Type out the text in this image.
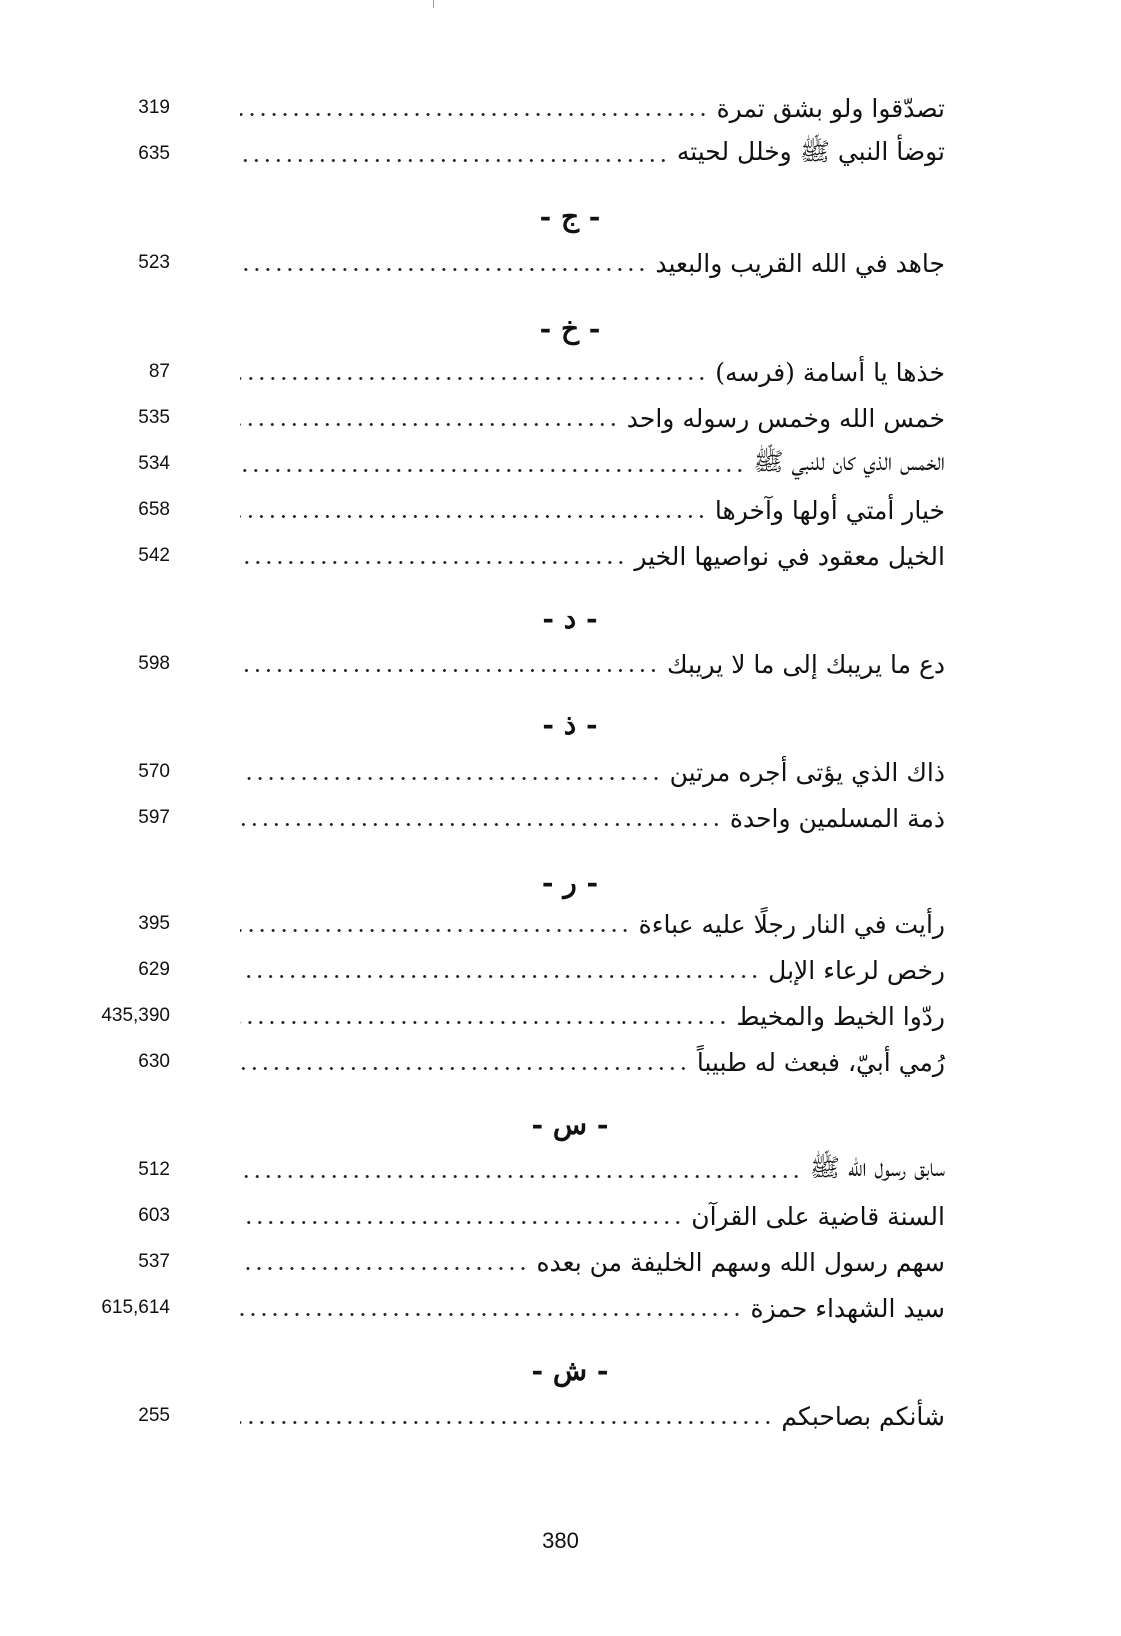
319	تصدّقوا ولو بشق تمرة
635	توضأ النبي ﷺ وخلل لحيته
- ج -
523	جاهد في الله القريب والبعيد
- خ -
87	خذها يا أسامة (فرسه)
535	خمس الله وخمس رسوله واحد
534	الخمس الذي كان للنبي ﷺ
658	خيار أمتي أولها وآخرها
542	الخيل معقود في نواصيها الخير
- د -
598	دع ما يريبك إلى ما لا يريبك
- ذ -
570	ذاك الذي يؤتى أجره مرتين
597	ذمة المسلمين واحدة
- ر -
395	رأيت في النار رجلًا عليه عباءة
629	رخص لرعاء الإبل
435,390	ردّوا الخيط والمخيط
630	رُمي أبيّ، فبعث له طبيباً
- س -
512	سابق رسول الله ﷺ
603	السنة قاضية على القرآن
537	سهم رسول الله وسهم الخليفة من بعده
615,614	سيد الشهداء حمزة
- ش -
255	شأنكم بصاحبكم
380
